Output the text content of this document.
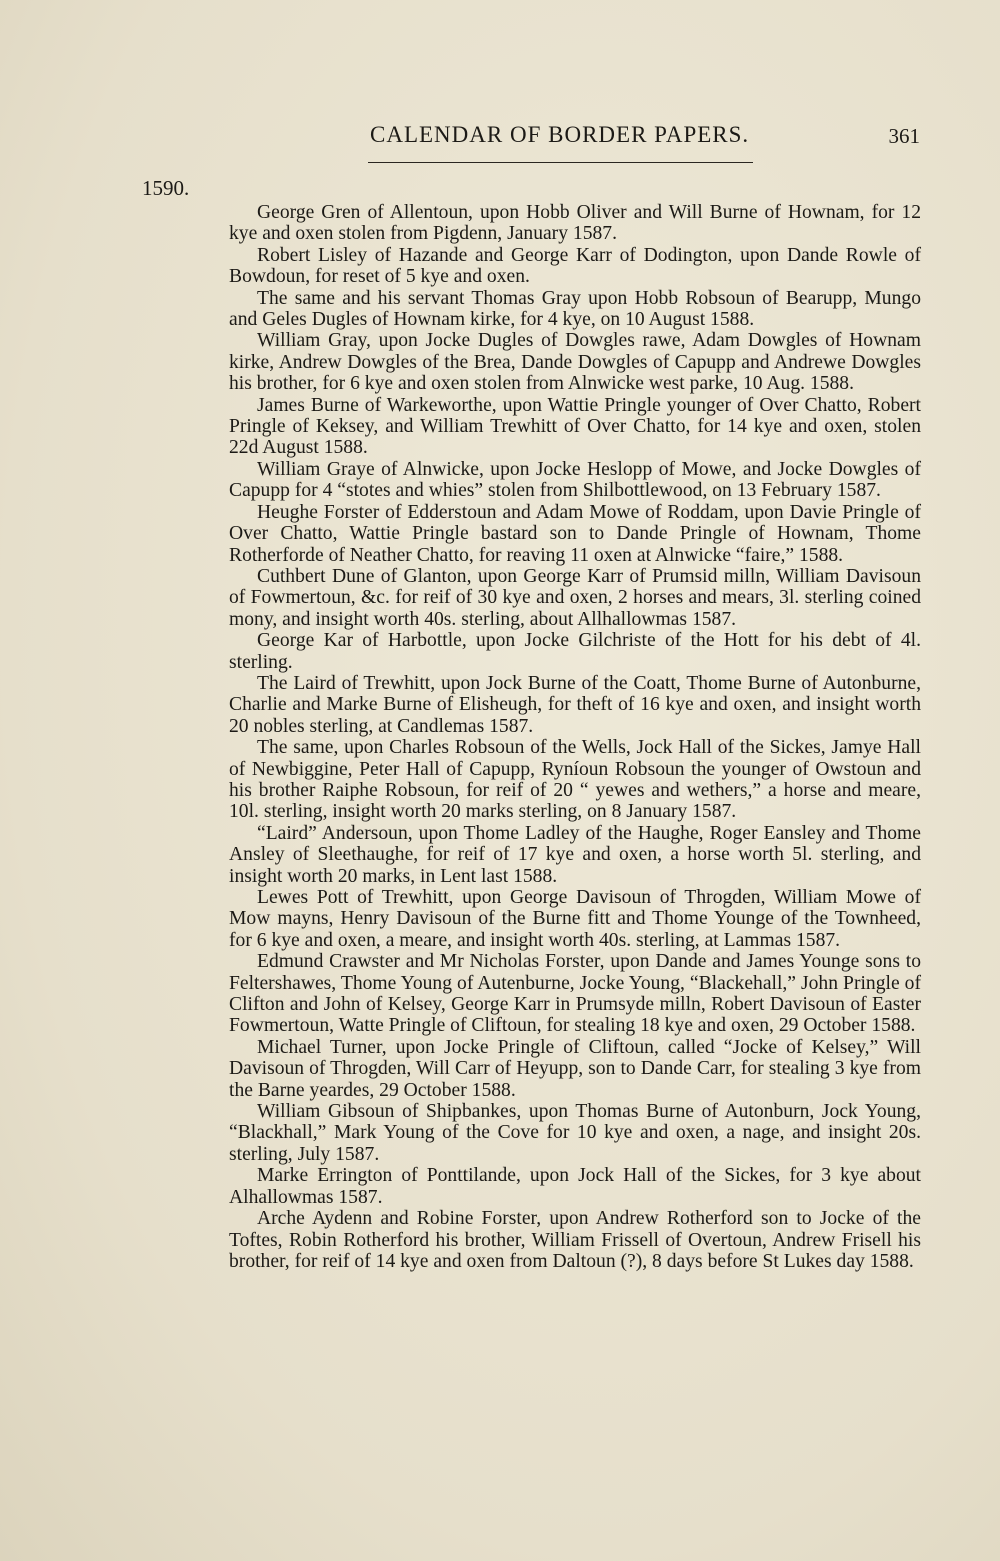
CALENDAR OF BORDER PAPERS.	361
1590.

George Gren of Allentoun, upon Hobb Oliver and Will Burne of Hownam, for 12 kye and oxen stolen from Pigdenn, January 1587.

Robert Lisley of Hazande and George Karr of Dodington, upon Dande Rowle of Bowdoun, for reset of 5 kye and oxen.

The same and his servant Thomas Gray upon Hobb Robsoun of Bearupp, Mungo and Geles Dugles of Hownam kirke, for 4 kye, on 10 August 1588.

William Gray, upon Jocke Dugles of Dowgles rawe, Adam Dowgles of Hownam kirke, Andrew Dowgles of the Brea, Dande Dowgles of Capupp and Andrewe Dowgles his brother, for 6 kye and oxen stolen from Alnwicke west parke, 10 Aug. 1588.

James Burne of Warkeworthe, upon Wattie Pringle younger of Over Chatto, Robert Pringle of Keksey, and William Trewhitt of Over Chatto, for 14 kye and oxen, stolen 22d August 1588.

William Graye of Alnwicke, upon Jocke Heslopp of Mowe, and Jocke Dowgles of Capupp for 4 “stotes and whies” stolen from Shilbottlewood, on 13 February 1587.

Heughe Forster of Edderstoun and Adam Mowe of Roddam, upon Davie Pringle of Over Chatto, Wattie Pringle bastard son to Dande Pringle of Hownam, Thome Rotherforde of Neather Chatto, for reaving 11 oxen at Alnwicke “faire,” 1588.

Cuthbert Dune of Glanton, upon George Karr of Prumsid milln, William Davisoun of Fowmertoun, &c. for reif of 30 kye and oxen, 2 horses and mears, 3l. sterling coined mony, and insight worth 40s. sterling, about Allhallowmas 1587.

George Kar of Harbottle, upon Jocke Gilchriste of the Hott for his debt of 4l. sterling.

The Laird of Trewhitt, upon Jock Burne of the Coatt, Thome Burne of Autonburne, Charlie and Marke Burne of Elisheugh, for theft of 16 kye and oxen, and insight worth 20 nobles sterling, at Candlemas 1587.

The same, upon Charles Robsoun of the Wells, Jock Hall of the Sickes, Jamye Hall of Newbiggine, Peter Hall of Capupp, Ryníoun Robsoun the younger of Owstoun and his brother Raiphe Robsoun, for reif of 20 “ yewes and wethers,” a horse and meare, 10l. sterling, insight worth 20 marks sterling, on 8 January 1587.

“Laird” Andersoun, upon Thome Ladley of the Haughe, Roger Eansley and Thome Ansley of Sleethaughe, for reif of 17 kye and oxen, a horse worth 5l. sterling, and insight worth 20 marks, in Lent last 1588.

Lewes Pott of Trewhitt, upon George Davisoun of Throgden, William Mowe of Mow mayns, Henry Davisoun of the Burne fitt and Thome Younge of the Townheed, for 6 kye and oxen, a meare, and insight worth 40s. sterling, at Lammas 1587.

Edmund Crawster and Mr Nicholas Forster, upon Dande and James Younge sons to Feltershawes, Thome Young of Autenburne, Jocke Young, “Blackehall,” John Pringle of Clifton and John of Kelsey, George Karr in Prumsyde milln, Robert Davisoun of Easter Fowmertoun, Watte Pringle of Cliftoun, for stealing 18 kye and oxen, 29 October 1588.

Michael Turner, upon Jocke Pringle of Cliftoun, called “Jocke of Kelsey,” Will Davisoun of Throgden, Will Carr of Heyupp, son to Dande Carr, for stealing 3 kye from the Barne yeardes, 29 October 1588.

William Gibsoun of Shipbankes, upon Thomas Burne of Autonburn, Jock Young, “Blackhall,” Mark Young of the Cove for 10 kye and oxen, a nage, and insight 20s. sterling, July 1587.

Marke Errington of Ponttilande, upon Jock Hall of the Sickes, for 3 kye about Alhallowmas 1587.

Arche Aydenn and Robine Forster, upon Andrew Rotherford son to Jocke of the Toftes, Robin Rotherford his brother, William Frissell of Overtoun, Andrew Frisell his brother, for reif of 14 kye and oxen from Daltoun (?), 8 days before St Lukes day 1588.
